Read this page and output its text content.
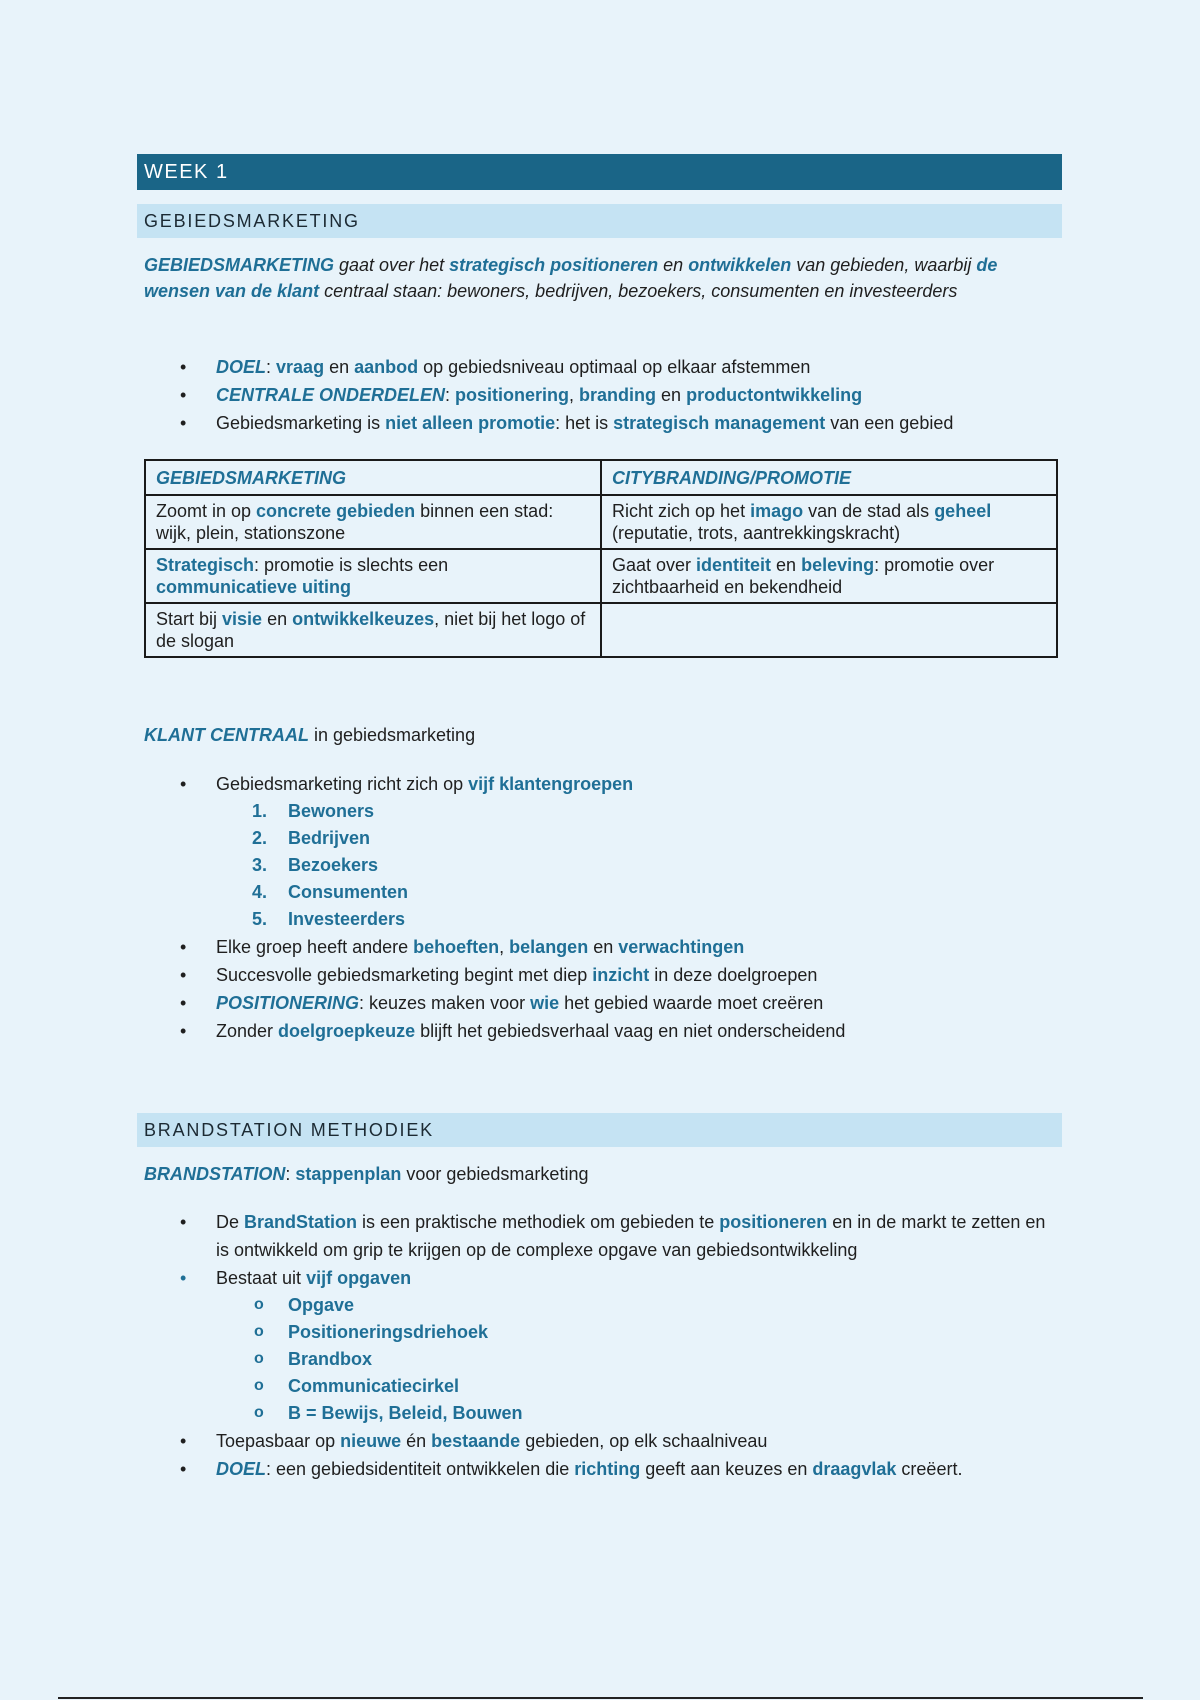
WEEK 1
GEBIEDSMARKETING
GEBIEDSMARKETING gaat over het strategisch positioneren en ontwikkelen van gebieden, waarbij de wensen van de klant centraal staan: bewoners, bedrijven, bezoekers, consumenten en investeerders
• DOEL: vraag en aanbod op gebiedsniveau optimaal op elkaar afstemmen
• CENTRALE ONDERDELEN: positionering, branding en productontwikkeling
• Gebiedsmarketing is niet alleen promotie: het is strategisch management van een gebied
GEBIEDSMARKETING	CITYBRANDING/PROMOTIE
Zoomt in op concrete gebieden binnen een stad: wijk, plein, stationszone	Richt zich op het imago van de stad als geheel (reputatie, trots, aantrekkingskracht)
Strategisch: promotie is slechts een communicatieve uiting	Gaat over identiteit en beleving: promotie over zichtbaarheid en bekendheid
Start bij visie en ontwikkelkeuzes, niet bij het logo of de slogan	
KLANT CENTRAAL in gebiedsmarketing
• Gebiedsmarketing richt zich op vijf klantengroepen
1. Bewoners
2. Bedrijven
3. Bezoekers
4. Consumenten
5. Investeerders
• Elke groep heeft andere behoeften, belangen en verwachtingen
• Succesvolle gebiedsmarketing begint met diep inzicht in deze doelgroepen
• POSITIONERING: keuzes maken voor wie het gebied waarde moet creëren
• Zonder doelgroepkeuze blijft het gebiedsverhaal vaag en niet onderscheidend
BRANDSTATION METHODIEK
BRANDSTATION: stappenplan voor gebiedsmarketing
• De BrandStation is een praktische methodiek om gebieden te positioneren en in de markt te zetten en is ontwikkeld om grip te krijgen op de complexe opgave van gebiedsontwikkeling
• Bestaat uit vijf opgaven
o Opgave
o Positioneringsdriehoek
o Brandbox
o Communicatiecirkel
o B = Bewijs, Beleid, Bouwen
• Toepasbaar op nieuwe én bestaande gebieden, op elk schaalniveau
• DOEL: een gebiedsidentiteit ontwikkelen die richting geeft aan keuzes en draagvlak creëert.
